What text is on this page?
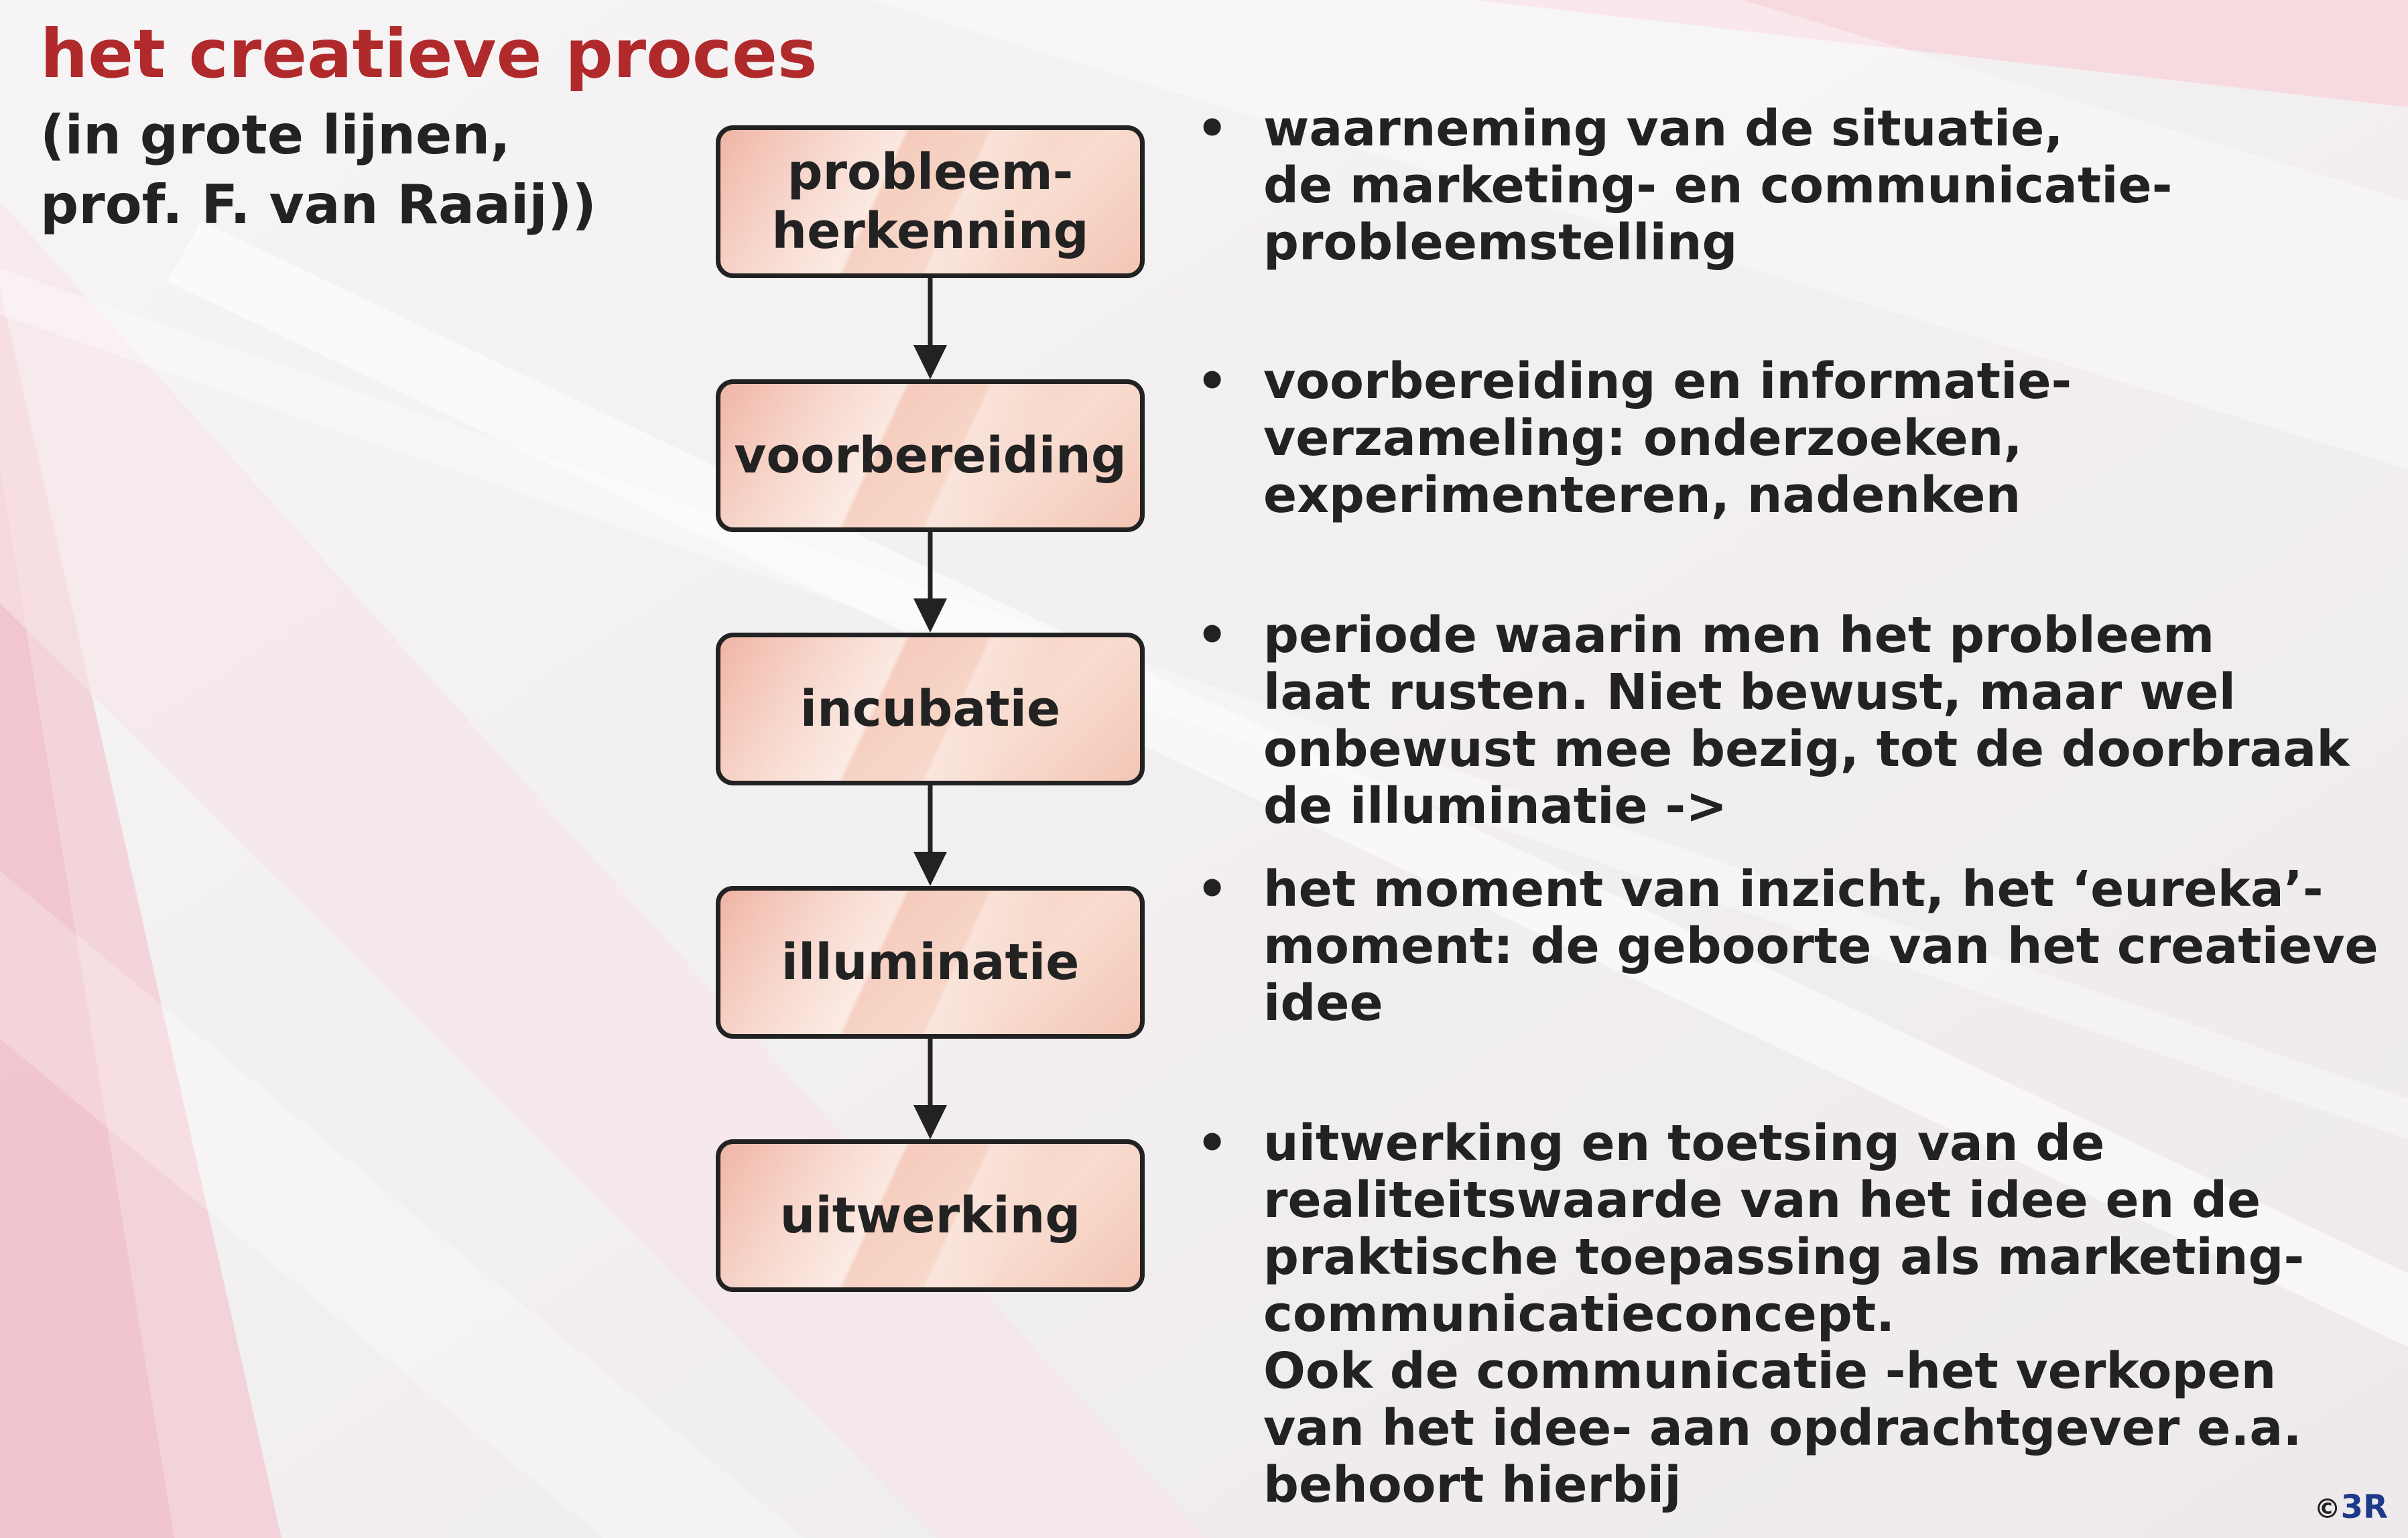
het creatieve proces
(in grote lijnen,
prof. F. van Raaij))
probleem-
herkenning
voorbereiding
incubatie
illuminatie
uitwerking
• waarneming van de situatie,
de marketing- en communicatie-
probleemstelling
• voorbereiding en informatie-
verzameling: onderzoeken,
experimenteren, nadenken
• periode waarin men het probleem
laat rusten. Niet bewust, maar wel
onbewust mee bezig, tot de doorbraak
de illuminatie ->
• het moment van inzicht, het ‘eureka’-
moment: de geboorte van het creatieve
idee
• uitwerking en toetsing van de
realiteitswaarde van het idee en de
praktische toepassing als marketing-
communicatieconcept.
Ook de communicatie -het verkopen
van het idee- aan opdrachtgever e.a.
behoort hierbij	©3R
